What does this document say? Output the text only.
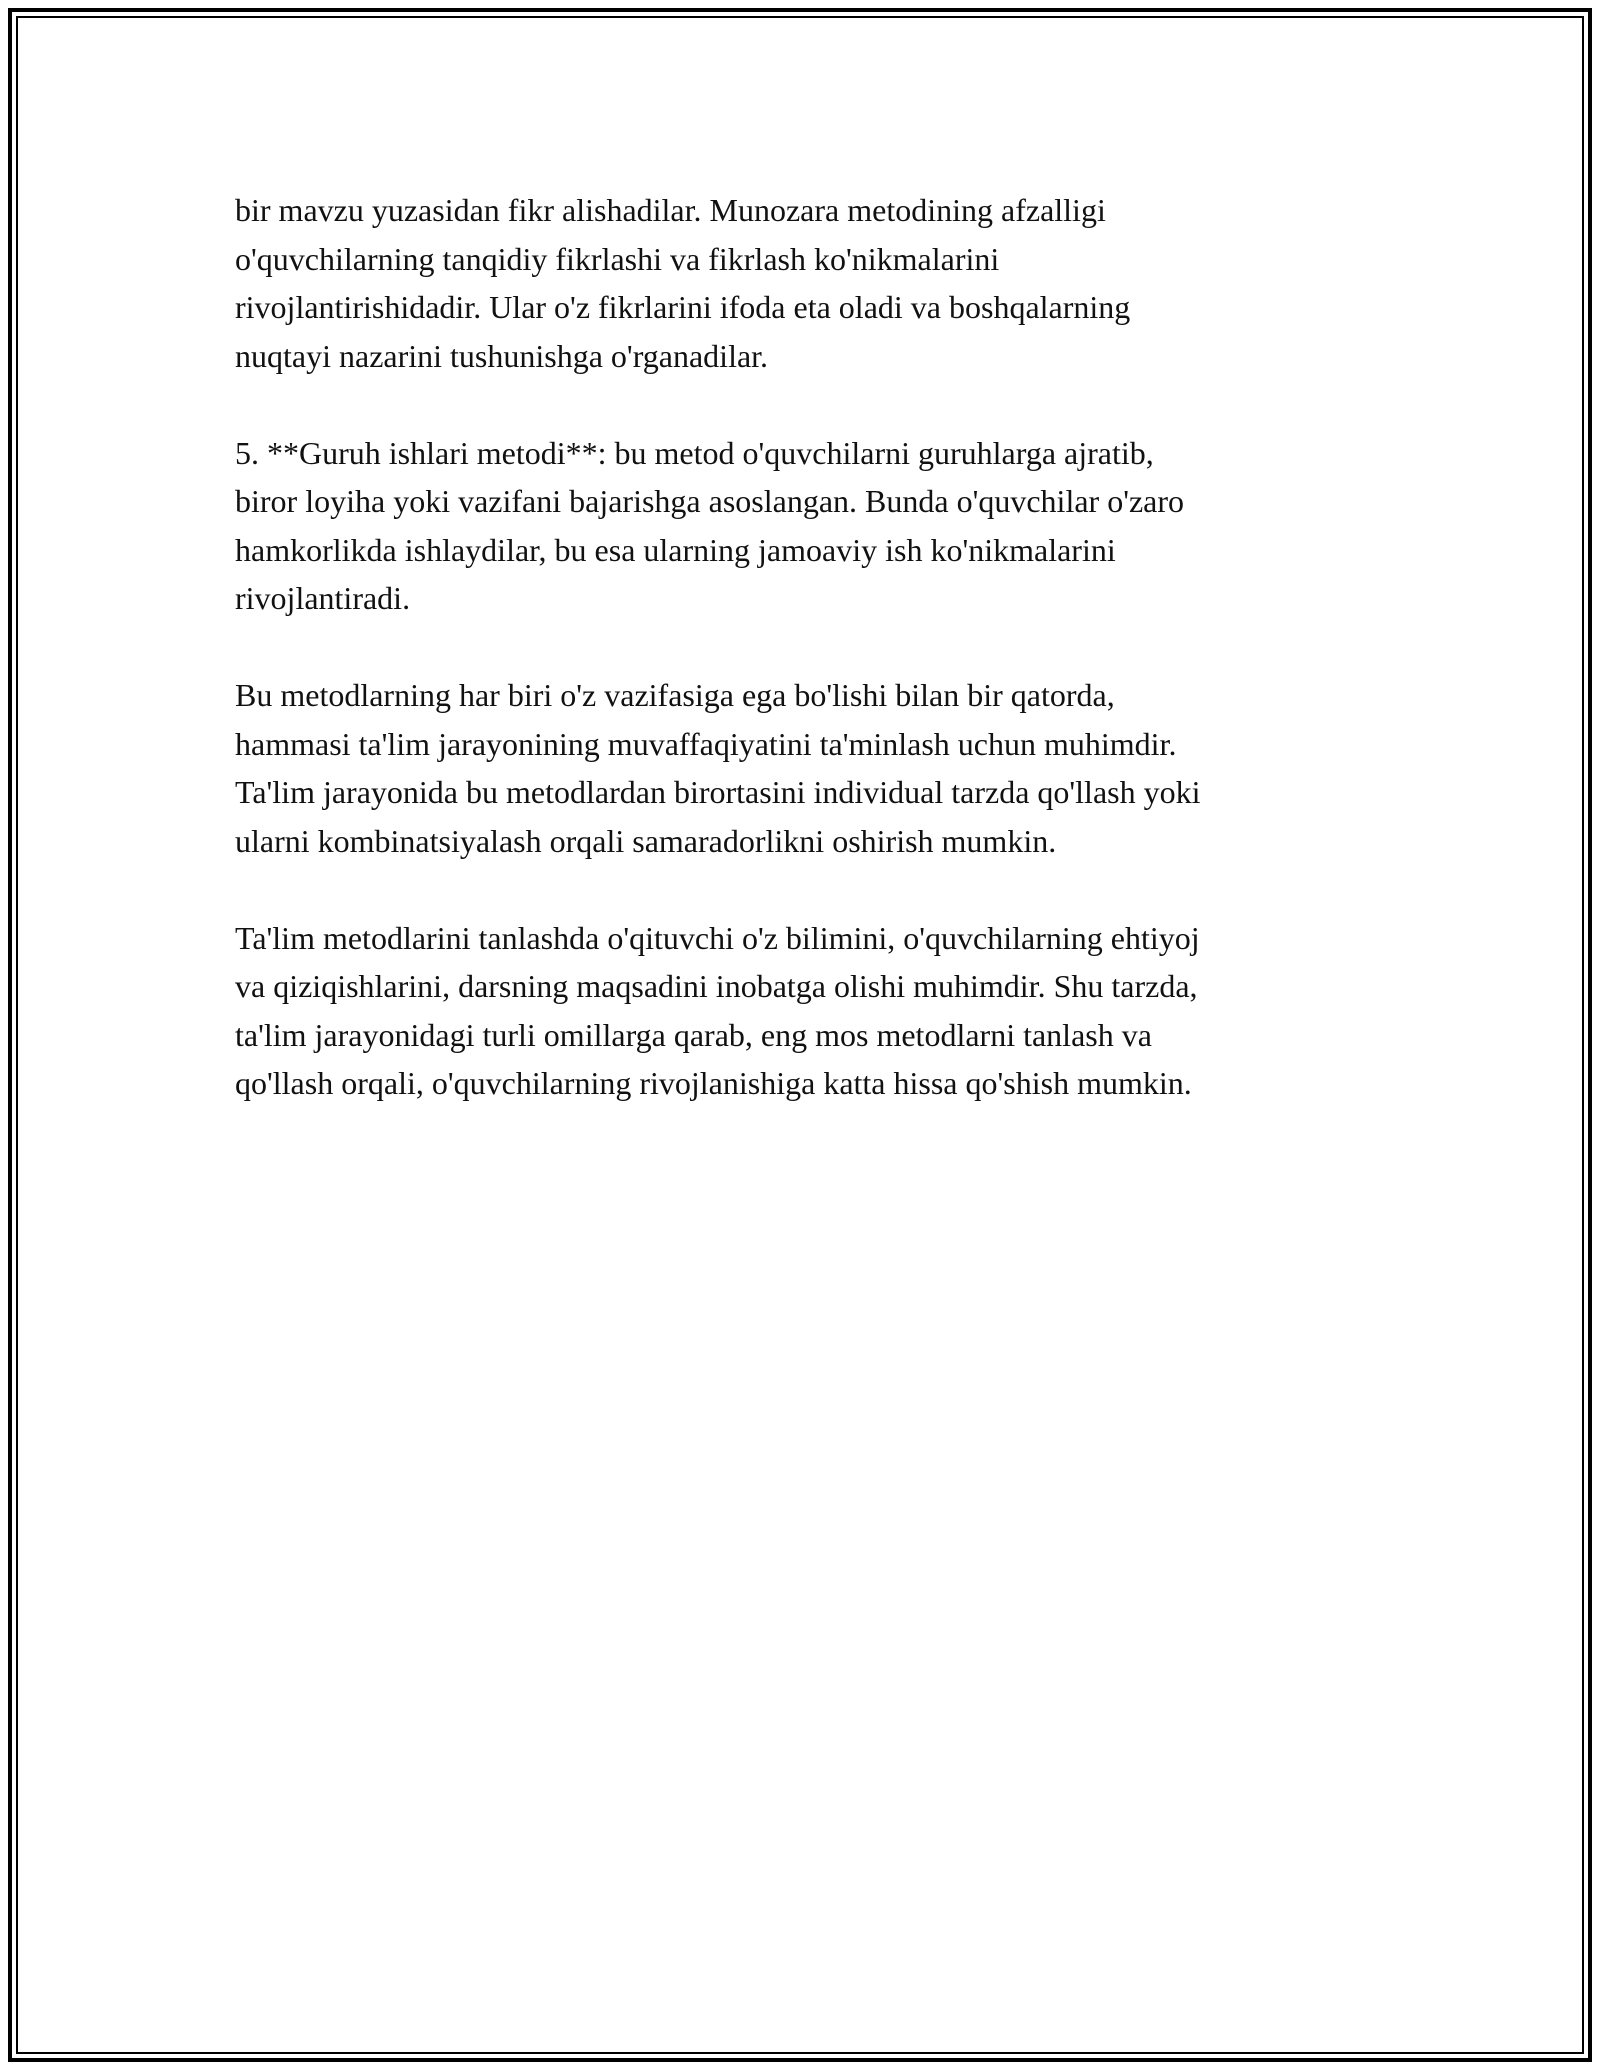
bir mavzu yuzasidan fikr alishadilar. Munozara metodining afzalligi
o'quvchilarning tanqidiy fikrlashi va fikrlash ko'nikmalarini
rivojlantirishidadir. Ular o'z fikrlarini ifoda eta oladi va boshqalarning
nuqtayi nazarini tushunishga o'rganadilar.

5. **Guruh ishlari metodi**: bu metod o'quvchilarni guruhlarga ajratib,
biror loyiha yoki vazifani bajarishga asoslangan. Bunda o'quvchilar o'zaro
hamkorlikda ishlaydilar, bu esa ularning jamoaviy ish ko'nikmalarini
rivojlantiradi.

Bu metodlarning har biri o'z vazifasiga ega bo'lishi bilan bir qatorda,
hammasi ta'lim jarayonining muvaffaqiyatini ta'minlash uchun muhimdir.
Ta'lim jarayonida bu metodlardan birortasini individual tarzda qo'llash yoki
ularni kombinatsiyalash orqali samaradorlikni oshirish mumkin.

Ta'lim metodlarini tanlashda o'qituvchi o'z bilimini, o'quvchilarning ehtiyoj
va qiziqishlarini, darsning maqsadini inobatga olishi muhimdir. Shu tarzda,
ta'lim jarayonidagi turli omillarga qarab, eng mos metodlarni tanlash va
qo'llash orqali, o'quvchilarning rivojlanishiga katta hissa qo'shish mumkin.
